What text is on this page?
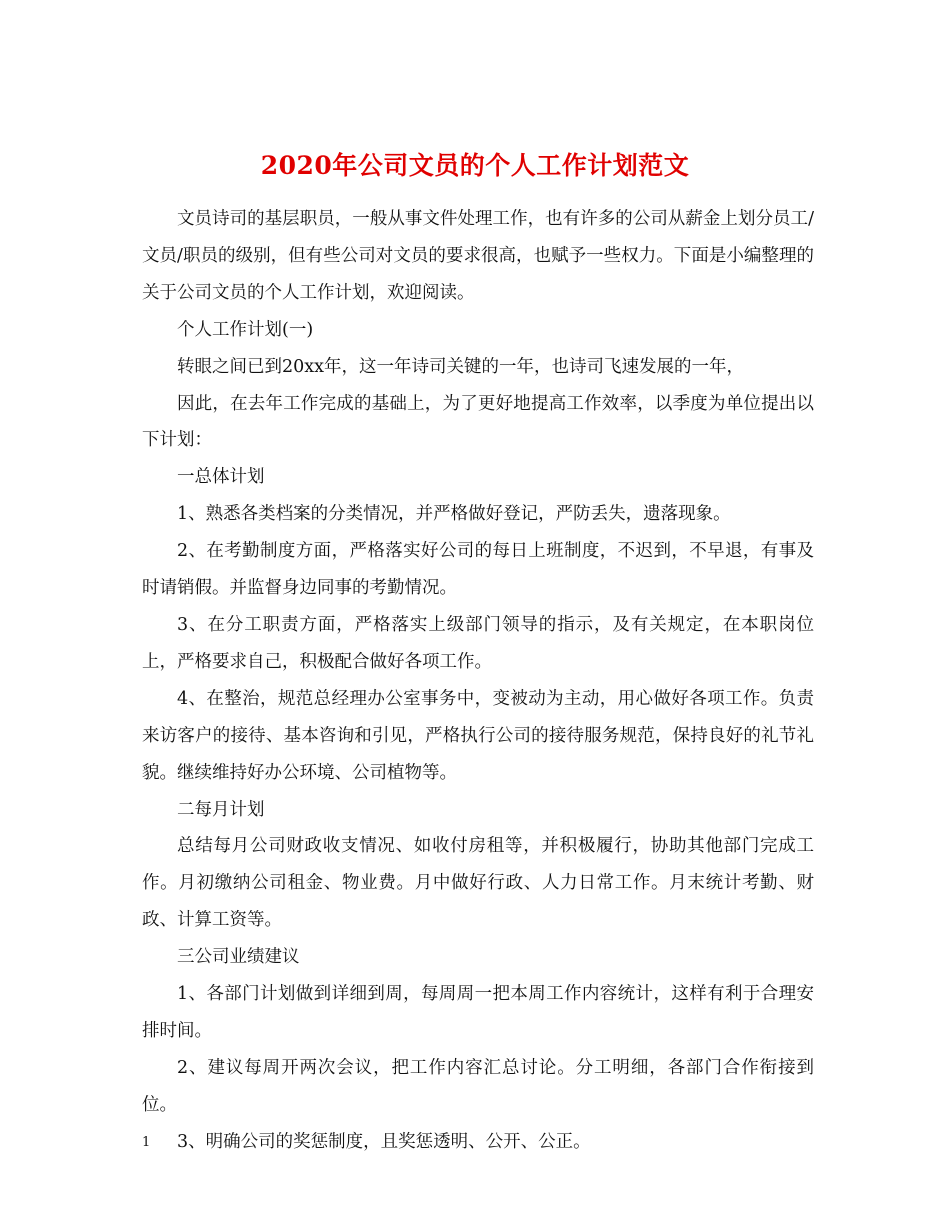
2020年公司文员的个人工作计划范文

文员诗司的基层职员，一般从事文件处理工作，也有许多的公司从薪金上划分员工/文员/职员的级别，但有些公司对文员的要求很高，也赋予一些权力。下面是小编整理的关于公司文员的个人工作计划，欢迎阅读。

个人工作计划(一)

转眼之间已到20xx年，这一年诗司关键的一年，也诗司飞速发展的一年，

因此，在去年工作完成的基础上，为了更好地提高工作效率，以季度为单位提出以下计划：

一总体计划

1、熟悉各类档案的分类情况，并严格做好登记，严防丢失，遗落现象。

2、在考勤制度方面，严格落实好公司的每日上班制度，不迟到，不早退，有事及时请销假。并监督身边同事的考勤情况。

3、在分工职责方面，严格落实上级部门领导的指示，及有关规定，在本职岗位上，严格要求自己，积极配合做好各项工作。

4、在整治，规范总经理办公室事务中，变被动为主动，用心做好各项工作。负责来访客户的接待、基本咨询和引见，严格执行公司的接待服务规范，保持良好的礼节礼貌。继续维持好办公环境、公司植物等。

二每月计划

总结每月公司财政收支情况、如收付房租等，并积极履行，协助其他部门完成工作。月初缴纳公司租金、物业费。月中做好行政、人力日常工作。月末统计考勤、财政、计算工资等。

三公司业绩建议

1、各部门计划做到详细到周，每周周一把本周工作内容统计，这样有利于合理安排时间。

2、建议每周开两次会议，把工作内容汇总讨论。分工明细，各部门合作衔接到位。

3、明确公司的奖惩制度，且奖惩透明、公开、公正。

1
